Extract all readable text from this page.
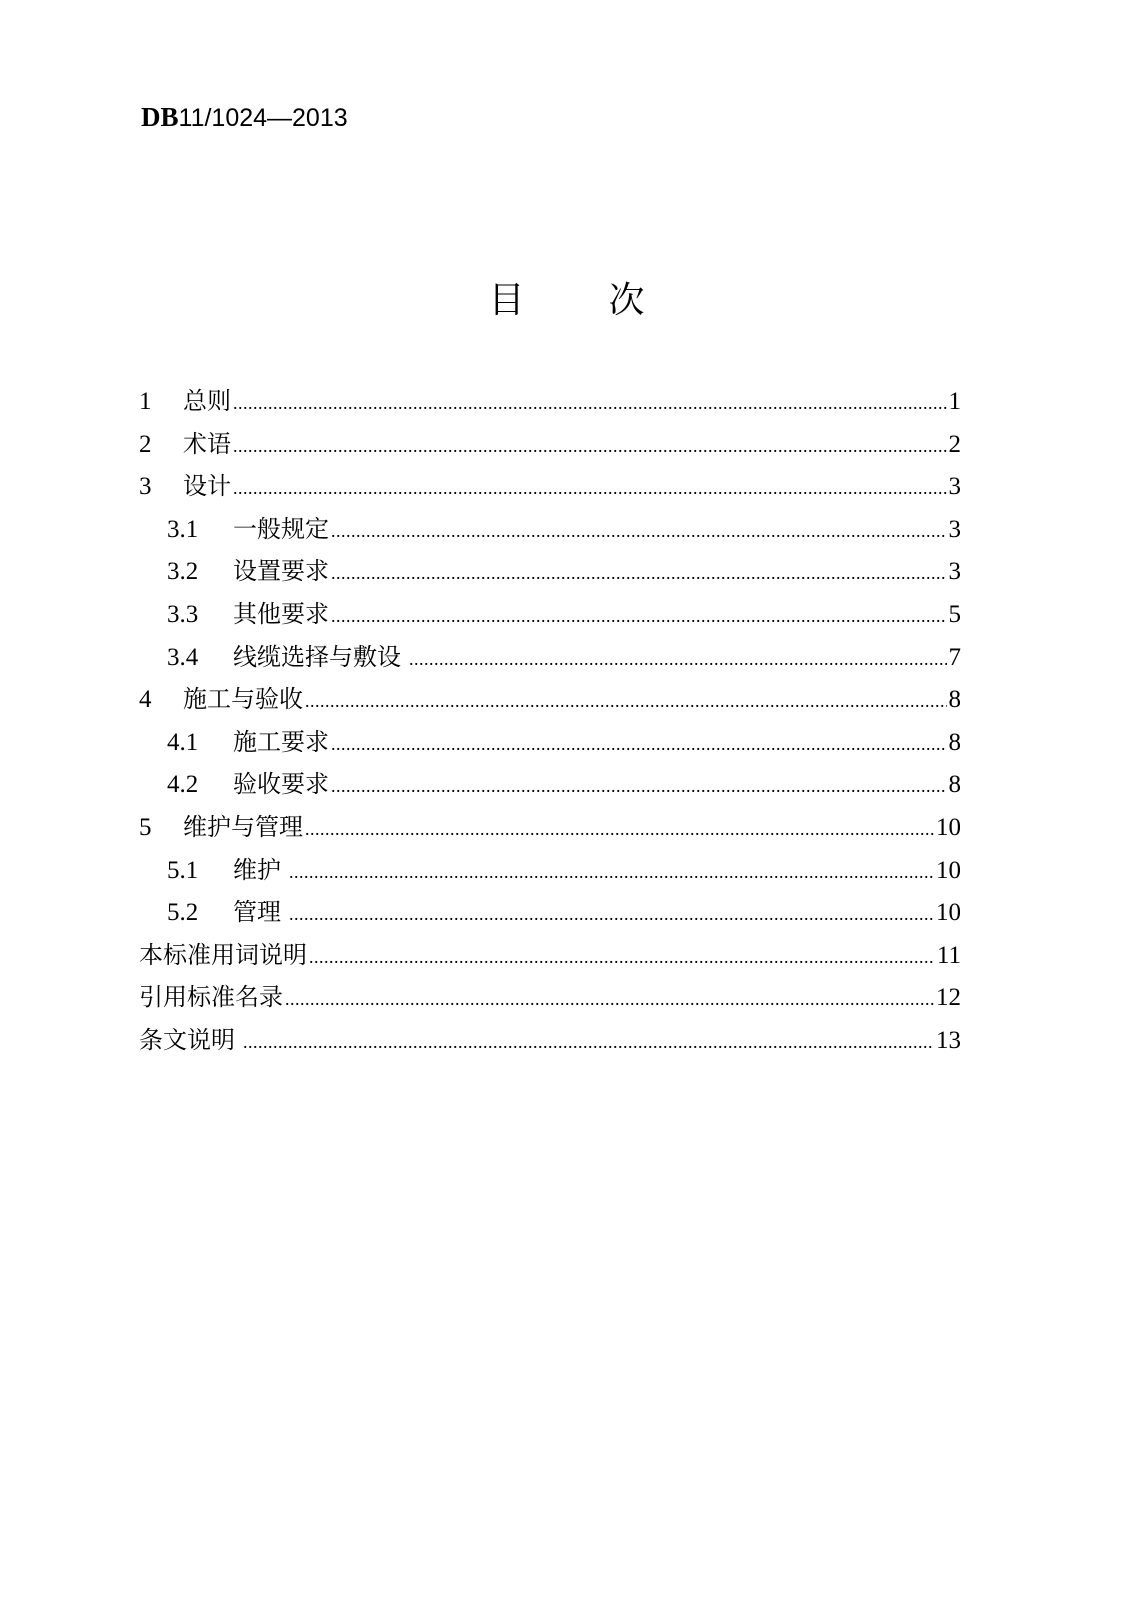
DB11/1024—2013
目 次
1	总则 .....	1
2	术语 .....	2
3	设计 .....	3
3.1	一般规定 .....	3
3.2	设置要求 .....	3
3.3	其他要求 .....	5
3.4	线缆选择与敷设 .....	7
4	施工与验收 .....	8
4.1	施工要求 .....	8
4.2	验收要求 .....	8
5	维护与管理 .....	10
5.1	维护 .....	10
5.2	管理 .....	10
本标准用词说明 .....	11
引用标准名录 .....	12
条文说明 .....	13
